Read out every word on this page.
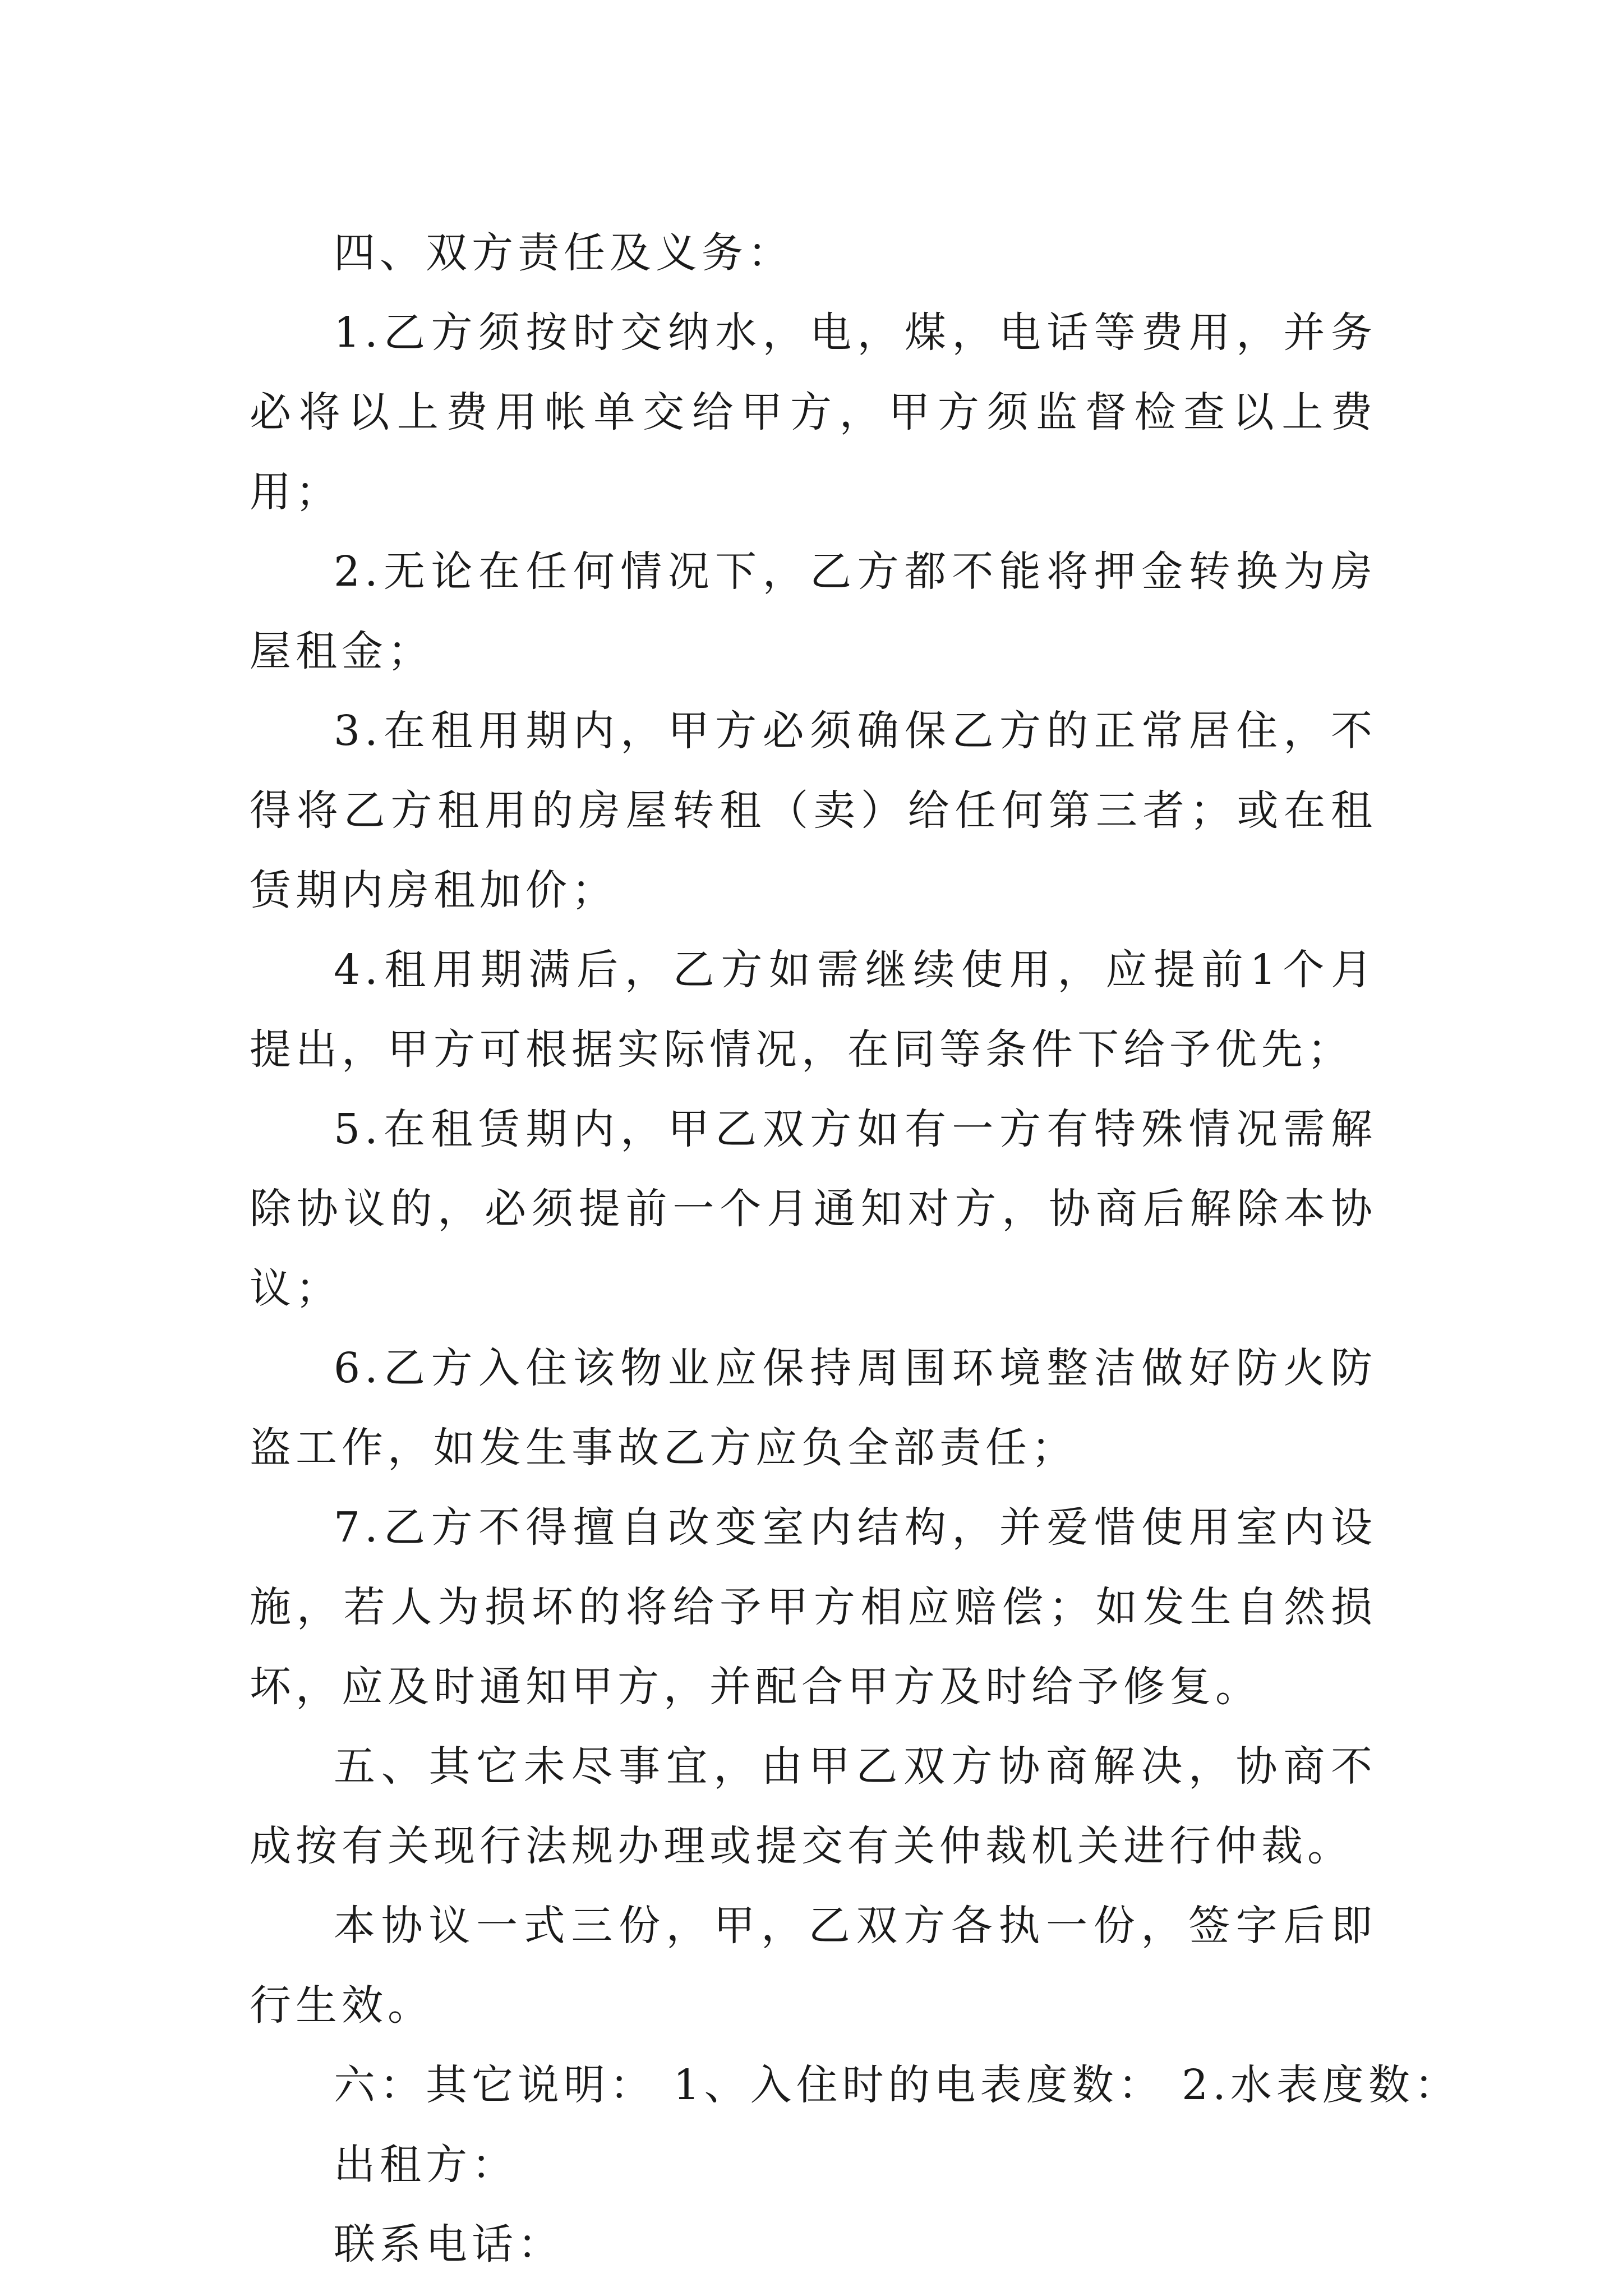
四、双方责任及义务：

1.乙方须按时交纳水，电，煤，电话等费用，并务必将以上费用帐单交给甲方，甲方须监督检查以上费用；

2.无论在任何情况下，乙方都不能将押金转换为房屋租金；

3.在租用期内，甲方必须确保乙方的正常居住，不得将乙方租用的房屋转租（卖）给任何第三者；或在租赁期内房租加价；

4.租用期满后，乙方如需继续使用，应提前1个月提出，甲方可根据实际情况，在同等条件下给予优先；

5.在租赁期内，甲乙双方如有一方有特殊情况需解除协议的，必须提前一个月通知对方，协商后解除本协议；

6.乙方入住该物业应保持周围环境整洁做好防火防盗工作，如发生事故乙方应负全部责任；

7.乙方不得擅自改变室内结构，并爱惜使用室内设施，若人为损坏的将给予甲方相应赔偿；如发生自然损坏，应及时通知甲方，并配合甲方及时给予修复。

五、其它未尽事宜，由甲乙双方协商解决，协商不成按有关现行法规办理或提交有关仲裁机关进行仲裁。

本协议一式三份，甲，乙双方各执一份，签字后即行生效。

六：其它说明： 1、入住时的电表度数： 2.水表度数：

出租方：

联系电话：
